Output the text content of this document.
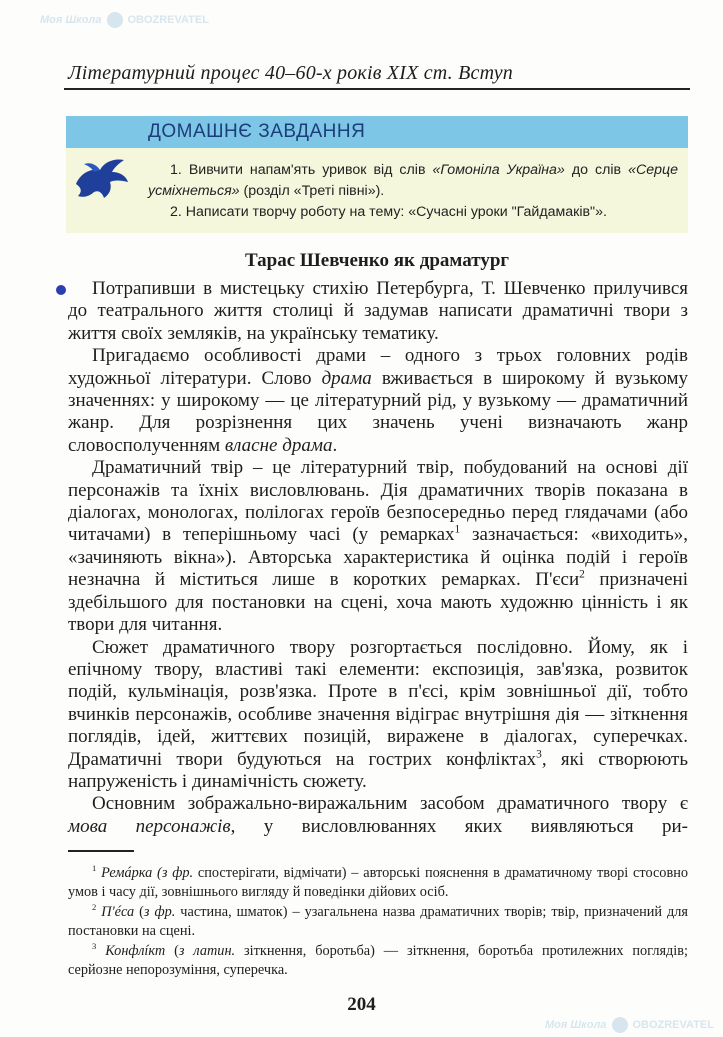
Моя Школа OBOZREVATEL
Моя Школа OBOZREVATEL
Літературний процес 40–60-х років XIX ст. Вступ
ДОМАШНЄ ЗАВДАННЯ

1. Вивчити напам'ять уривок від слів «Гомоніла Україна» до слів «Серце усміхнеться» (розділ «Треті півні»).

2. Написати творчу роботу на тему: «Сучасні уроки "Гайдамаків"».

Тарас Шевченко як драматург

Потрапивши в мистецьку стихію Петербурга, Т. Шевченко прилучився до театрального життя столиці й задумав написати драматичні твори з життя своїх земляків, на українську тематику.

Пригадаємо особливості драми – одного з трьох головних родів художньої літератури. Слово драма вживається в широкому й вузькому значеннях: у широкому — це літературний рід, у вузькому — драматичний жанр. Для розрізнення цих значень учені визначають жанр словосполученням власне драма.

Драматичний твір – це літературний твір, побудований на основі дії персонажів та їхніх висловлювань. Дія драматичних творів показана в діалогах, монологах, полілогах героїв безпосередньо перед глядачами (або читачами) в теперішньому часі (у ремарках$^1$ зазначається: «виходить», «зачиняють вікна»). Авторська характеристика й оцінка подій і героїв незначна й міститься лише в коротких ремарках. П'єси$^2$ призначені здебільшого для постановки на сцені, хоча мають художню цінність і як твори для читання.

Сюжет драматичного твору розгортається послідовно. Йому, як і епічному твору, властиві такі елементи: експозиція, зав'язка, розвиток подій, кульмінація, розв'язка. Проте в п'єсі, крім зовнішньої дії, тобто вчинків персонажів, особливе значення відіграє внутрішня дія — зіткнення поглядів, ідей, життєвих позицій, виражене в діалогах, суперечках. Драматичні твори будуються на гострих конфліктах$^3$, які створюють напруженість і динамічність сюжету.

Основним зображально-виражальним засобом драматичного твору є мова персонажів, у висловлюваннях яких виявляються ри-

$^1$ Ремáрка (з фр. спостерігати, відмічати) – авторські пояснення в драматичному творі стосовно умов і часу дії, зовнішнього вигляду й поведінки дійових осіб.

$^2$ П'éса (з фр. частина, шматок) – узагальнена назва драматичних творів; твір, призначений для постановки на сцені.

$^3$ Конфлíкт (з латин. зіткнення, боротьба) — зіткнення, боротьба протилежних поглядів; серйозне непорозуміння, суперечка.

204
